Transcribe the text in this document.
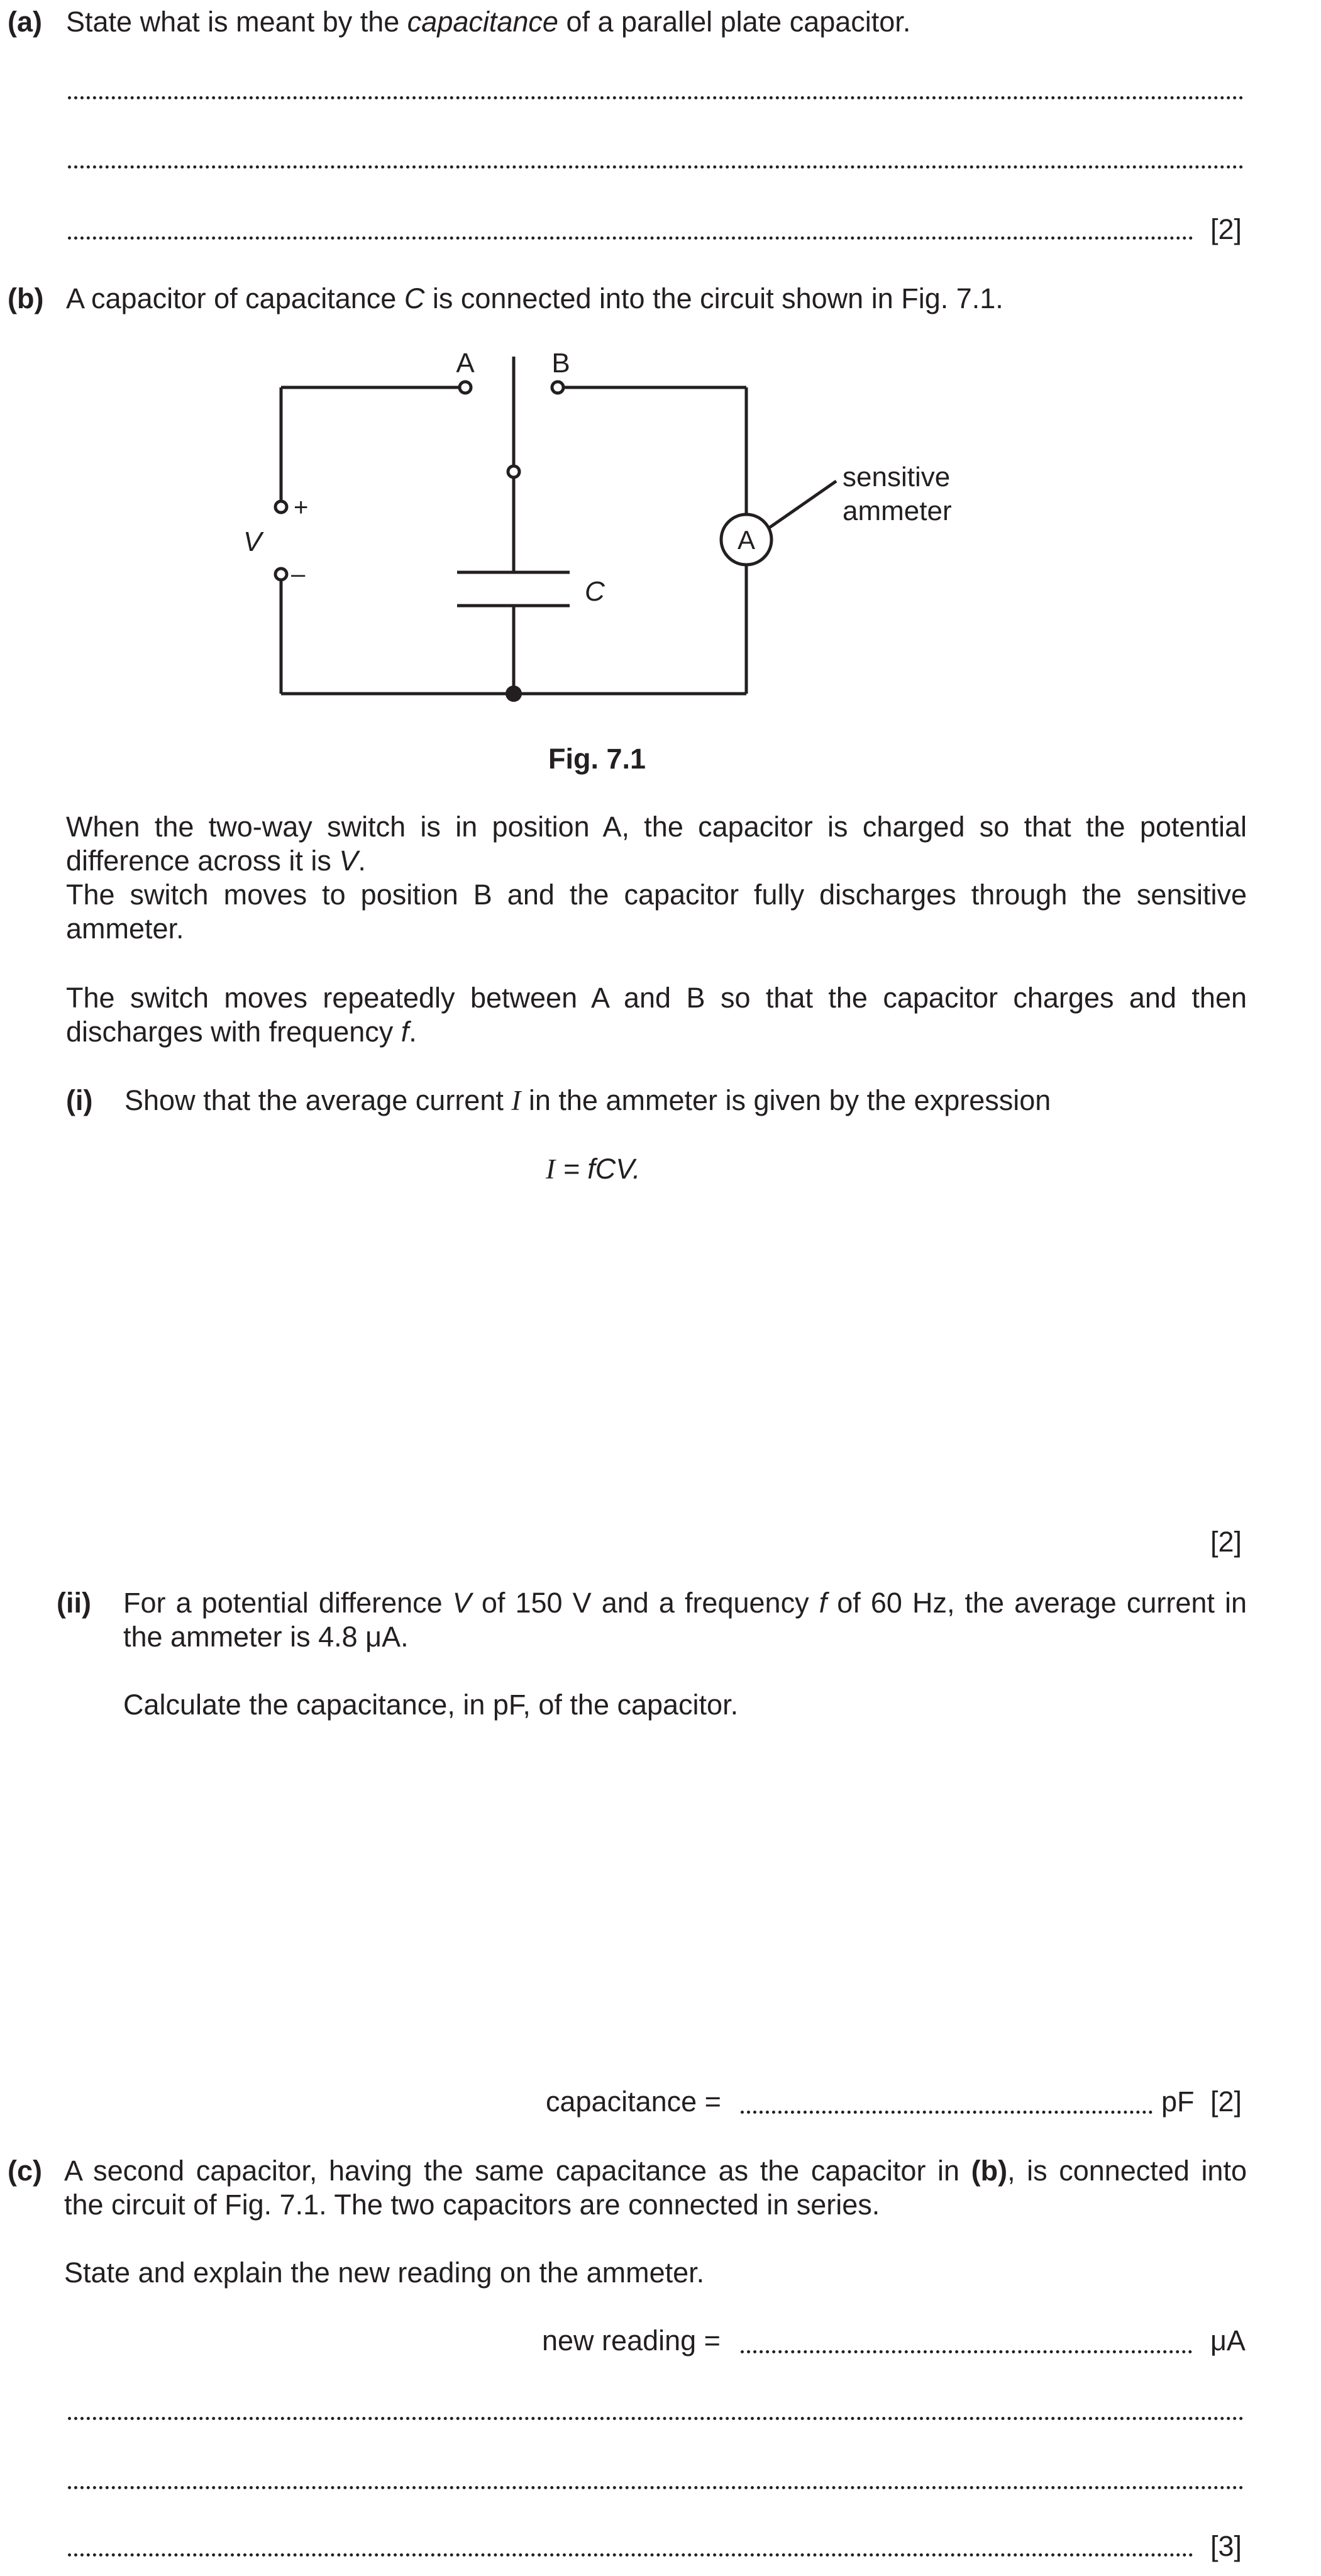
(a) State what is meant by the capacitance of a parallel plate capacitor.
[2]
(b) A capacitor of capacitance C is connected into the circuit shown in Fig. 7.1.
A	B
+
–
V
C
A
sensitive
ammeter
Fig. 7.1
When the two-way switch is in position A, the capacitor is charged so that the potential
difference across it is V.
The switch moves to position B and the capacitor fully discharges through the sensitive
ammeter.
The switch moves repeatedly between A and B so that the capacitor charges and then
discharges with frequency f.
(i) Show that the average current I in the ammeter is given by the expression
I = fCV.
[2]
(ii) For a potential difference V of 150 V and a frequency f of 60 Hz, the average current in
the ammeter is 4.8 μA.
Calculate the capacitance, in pF, of the capacitor.
capacitance =	pF [2]
(c) A second capacitor, having the same capacitance as the capacitor in (b), is connected into
the circuit of Fig. 7.1. The two capacitors are connected in series.
State and explain the new reading on the ammeter.
new reading =	μA
[3]
